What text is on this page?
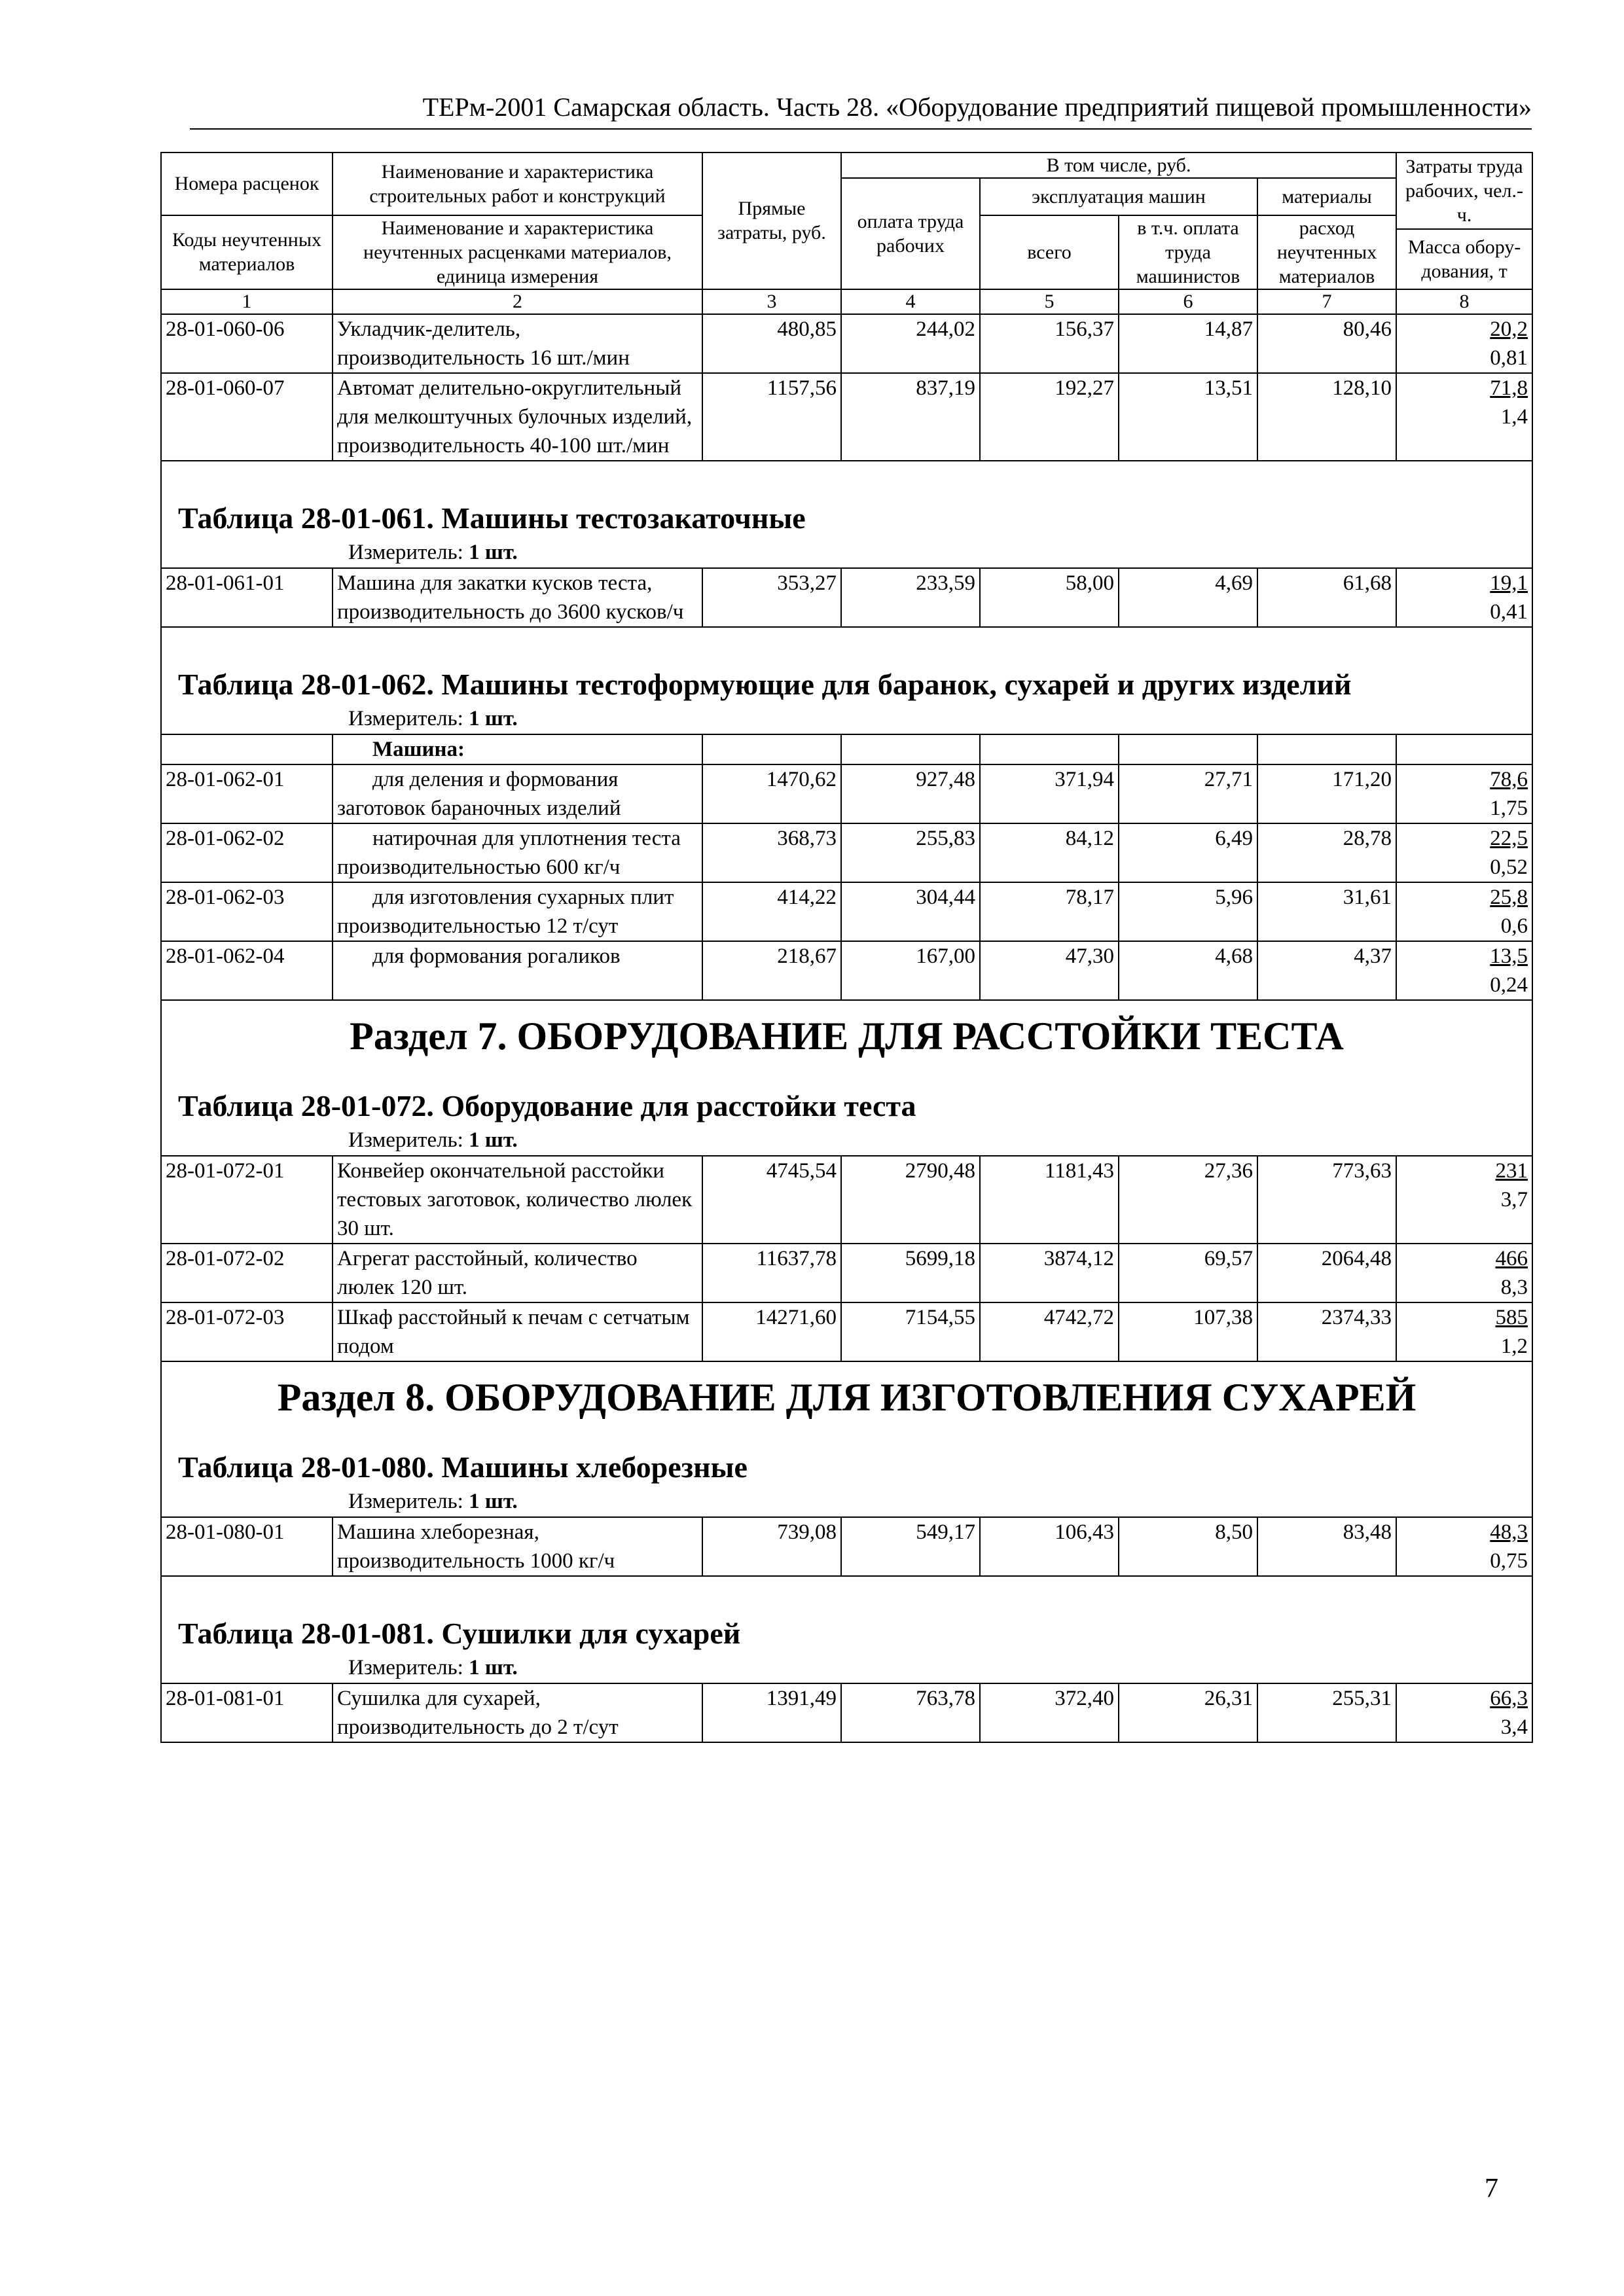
ТЕРм-2001 Самарская область. Часть 28. «Оборудование предприятий пищевой промышленности»
Номера расценок	Наименование и характеристика строительных работ и конструкций	Прямые затраты, руб.	В том числе, руб.				Затраты труда рабочих, чел.-ч.
			оплата труда рабочих	эксплуатация машин		материалы	
Коды неучтенных материалов	Наименование и характеристика неучтенных расценками материалов, единица измерения			всего	в т.ч. оплата труда машинистов	расход неучтенных материалов	
							Масса обору-дования, т
1	2	3	4	5	6	7	8
28-01-060-06	Укладчик-делитель, производительность 16 шт./мин	480,85	244,02	156,37	14,87	80,46	20,2
0,81

28-01-060-07	Автомат делительно-округлительный для мелкоштучных булочных изделий, производительность 40-100 шт./мин	1157,56	837,19	192,27	13,51	128,10	71,8
1,4

Таблица 28-01-061. Машины тестозакаточные
Измеритель: 1 шт.							

28-01-061-01	Машина для закатки кусков теста, производительность до 3600 кусков/ч	353,27	233,59	58,00	4,69	61,68	19,1
0,41

Таблица 28-01-062. Машины тестоформующие для баранок, сухарей и других изделий
Измеритель: 1 шт.							

	Машина:						
28-01-062-01	для деления и формования заготовок бараночных изделий	1470,62	927,48	371,94	27,71	171,20	78,6
1,75

28-01-062-02	натирочная для уплотнения теста производительностью 600 кг/ч	368,73	255,83	84,12	6,49	28,78	22,5
0,52

28-01-062-03	для изготовления сухарных плит производительностью 12 т/сут	414,22	304,44	78,17	5,96	31,61	25,8
0,6

28-01-062-04	для формования рогаликов	218,67	167,00	47,30	4,68	4,37	13,5
0,24

Раздел 7. ОБОРУДОВАНИЕ ДЛЯ РАССТОЙКИ ТЕСТА
Таблица 28-01-072. Оборудование для расстойки теста
Измеритель: 1 шт.							

28-01-072-01	Конвейер окончательной расстойки тестовых заготовок, количество люлек 30 шт.	4745,54	2790,48	1181,43	27,36	773,63	231
3,7

28-01-072-02	Агрегат расстойный, количество люлек 120 шт.	11637,78	5699,18	3874,12	69,57	2064,48	466
8,3

28-01-072-03	Шкаф расстойный к печам с сетчатым подом	14271,60	7154,55	4742,72	107,38	2374,33	585
1,2

Раздел 8. ОБОРУДОВАНИЕ ДЛЯ ИЗГОТОВЛЕНИЯ СУХАРЕЙ
Таблица 28-01-080. Машины хлеборезные
Измеритель: 1 шт.							

28-01-080-01	Машина хлеборезная, производительность 1000 кг/ч	739,08	549,17	106,43	8,50	83,48	48,3
0,75

Таблица 28-01-081. Сушилки для сухарей
Измеритель: 1 шт.							

28-01-081-01	Сушилка для сухарей, производительность до 2 т/сут	1391,49	763,78	372,40	26,31	255,31	66,3
3,4
7
